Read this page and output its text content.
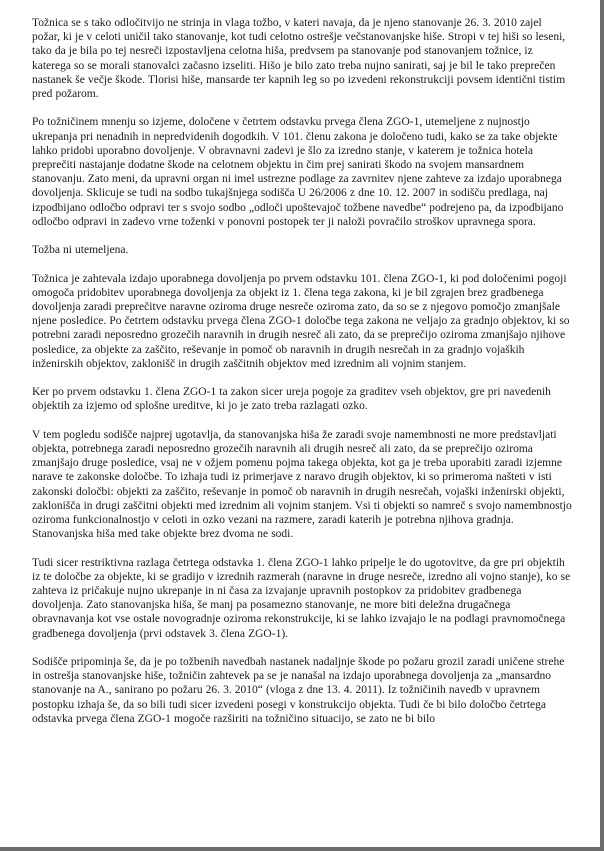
Tožnica se s tako odločitvijo ne strinja in vlaga tožbo, v kateri navaja, da je njeno stanovanje 26. 3. 2010 zajel požar, ki je v celoti uničil tako stanovanje, kot tudi celotno ostrešje večstanovanjske hiše. Stropi v tej hiši so leseni, tako da je bila po tej nesreči izpostavljena celotna hiša, predvsem pa stanovanje pod stanovanjem tožnice, iz katerega so se morali stanovalci začasno izseliti. Hišo je bilo zato treba nujno sanirati, saj je bil le tako preprečen nastanek še večje škode. Tlorisi hiše, mansarde ter kapnih leg so po izvedeni rekonstrukciji povsem identični tistim pred požarom.

Po tožničinem mnenju so izjeme, določene v četrtem odstavku prvega člena ZGO-1, utemeljene z nujnostjo ukrepanja pri nenadnih in nepredvidenih dogodkih. V 101. členu zakona je določeno tudi, kako se za take objekte lahko pridobi uporabno dovoljenje. V obravnavni zadevi je šlo za izredno stanje, v katerem je tožnica hotela preprečiti nastajanje dodatne škode na celotnem objektu in čim prej sanirati škodo na svojem mansardnem stanovanju. Zato meni, da upravni organ ni imel ustrezne podlage za zavrnitev njene zahteve za izdajo uporabnega dovoljenja. Sklicuje se tudi na sodbo tukajšnjega sodišča U 26/2006 z dne 10. 12. 2007 in sodišču predlaga, naj izpodbijano odločbo odpravi ter s svojo sodbo „odloči upoštevajoč tožbene navedbe“ podrejeno pa, da izpodbijano odločbo odpravi in zadevo vrne toženki v ponovni postopek ter ji naloži povračilo stroškov upravnega spora.

Tožba ni utemeljena.

Tožnica je zahtevala izdajo uporabnega dovoljenja po prvem odstavku 101. člena ZGO-1, ki pod določenimi pogoji omogoča pridobitev uporabnega dovoljenja za objekt iz 1. člena tega zakona, ki je bil zgrajen brez gradbenega dovoljenja zaradi preprečitve naravne oziroma druge nesreče oziroma zato, da so se z njegovo pomočjo zmanjšale njene posledice. Po četrtem odstavku prvega člena ZGO-1 določbe tega zakona ne veljajo za gradnjo objektov, ki so potrebni zaradi neposredno grozečih naravnih in drugih nesreč ali zato, da se preprečijo oziroma zmanjšajo njihove posledice, za objekte za zaščito, reševanje in pomoč ob naravnih in drugih nesrečah in za gradnjo vojaških inženirskih objektov, zaklonišč in drugih zaščitnih objektov med izrednim ali vojnim stanjem.

Ker po prvem odstavku 1. člena ZGO-1 ta zakon sicer ureja pogoje za graditev vseh objektov, gre pri navedenih objektih za izjemo od splošne ureditve, ki jo je zato treba razlagati ozko.

V tem pogledu sodišče najprej ugotavlja, da stanovanjska hiša že zaradi svoje namembnosti ne more predstavljati objekta, potrebnega zaradi neposredno grozečih naravnih ali drugih nesreč ali zato, da se preprečijo oziroma zmanjšajo druge posledice, vsaj ne v ožjem pomenu pojma takega objekta, kot ga je treba uporabiti zaradi izjemne narave te zakonske določbe. To izhaja tudi iz primerjave z naravo drugih objektov, ki so primeroma našteti v isti zakonski določbi: objekti za zaščito, reševanje in pomoč ob naravnih in drugih nesrečah, vojaški inženirski objekti, zaklonišča in drugi zaščitni objekti med izrednim ali vojnim stanjem. Vsi ti objekti so namreč s svojo namembnostjo oziroma funkcionalnostjo v celoti in ozko vezani na razmere, zaradi katerih je potrebna njihova gradnja. Stanovanjska hiša med take objekte brez dvoma ne sodi.

Tudi sicer restriktivna razlaga četrtega odstavka 1. člena ZGO-1 lahko pripelje le do ugotovitve, da gre pri objektih iz te določbe za objekte, ki se gradijo v izrednih razmerah (naravne in druge nesreče, izredno ali vojno stanje), ko se zahteva iz pričakuje nujno ukrepanje in ni časa za izvajanje upravnih postopkov za pridobitev gradbenega dovoljenja. Zato stanovanjska hiša, še manj pa posamezno stanovanje, ne more biti deležna drugačnega obravnavanja kot vse ostale novogradnje oziroma rekonstrukcije, ki se lahko izvajajo le na podlagi pravnomočnega gradbenega dovoljenja (prvi odstavek 3. člena ZGO-1).

Sodišče pripominja še, da je po tožbenih navedbah nastanek nadaljnje škode po požaru grozil zaradi uničene strehe in ostrešja stanovanjske hiše, tožničin zahtevek pa se je nanašal na izdajo uporabnega dovoljenja za „mansardno stanovanje na A., sanirano po požaru 26. 3. 2010“ (vloga z dne 13. 4. 2011). Iz tožničinih navedb v upravnem postopku izhaja še, da so bili tudi sicer izvedeni posegi v konstrukcijo objekta. Tudi če bi bilo določbo četrtega odstavka prvega člena ZGO-1 mogoče razširiti na tožničino situacijo, se zato ne bi bilo
